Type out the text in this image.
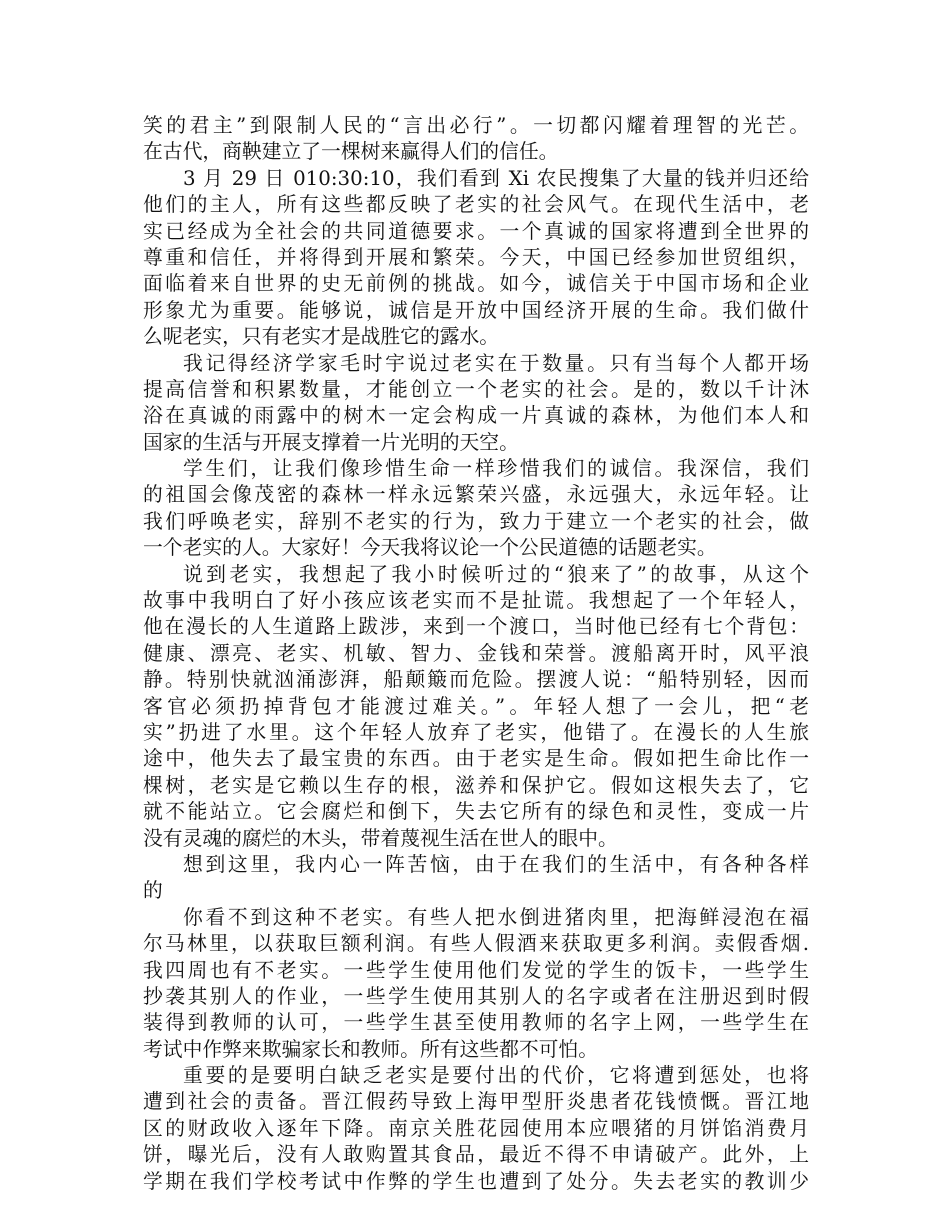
笑的君主”到限制人民的“言出必行”。一切都闪耀着理智的光芒。
在古代，商鞅建立了一棵树来赢得人们的信任。
3 月 29 日 010:30:10，我们看到 Xi 农民搜集了大量的钱并归还给
他们的主人，所有这些都反映了老实的社会风气。在现代生活中，老
实已经成为全社会的共同道德要求。一个真诚的国家将遭到全世界的
尊重和信任，并将得到开展和繁荣。今天，中国已经参加世贸组织，
面临着来自世界的史无前例的挑战。如今，诚信关于中国市场和企业
形象尤为重要。能够说，诚信是开放中国经济开展的生命。我们做什
么呢老实，只有老实才是战胜它的露水。
我记得经济学家毛时宇说过老实在于数量。只有当每个人都开场
提高信誉和积累数量，才能创立一个老实的社会。是的，数以千计沐
浴在真诚的雨露中的树木一定会构成一片真诚的森林，为他们本人和
国家的生活与开展支撑着一片光明的天空。
学生们，让我们像珍惜生命一样珍惜我们的诚信。我深信，我们
的祖国会像茂密的森林一样永远繁荣兴盛，永远强大，永远年轻。让
我们呼唤老实，辞别不老实的行为，致力于建立一个老实的社会，做
一个老实的人。大家好！今天我将议论一个公民道德的话题老实。
说到老实，我想起了我小时候听过的“狼来了”的故事，从这个
故事中我明白了好小孩应该老实而不是扯谎。我想起了一个年轻人，
他在漫长的人生道路上跋涉，来到一个渡口，当时他已经有七个背包：
健康、漂亮、老实、机敏、智力、金钱和荣誉。渡船离开时，风平浪
静。特别快就汹涌澎湃，船颠簸而危险。摆渡人说：“船特别轻，因而
客官必须扔掉背包才能渡过难关。”。年轻人想了一会儿，把“老
实”扔进了水里。这个年轻人放弃了老实，他错了。在漫长的人生旅
途中，他失去了最宝贵的东西。由于老实是生命。假如把生命比作一
棵树，老实是它赖以生存的根，滋养和保护它。假如这根失去了，它
就不能站立。它会腐烂和倒下，失去它所有的绿色和灵性，变成一片
没有灵魂的腐烂的木头，带着蔑视生活在世人的眼中。
想到这里，我内心一阵苦恼，由于在我们的生活中，有各种各样
的
你看不到这种不老实。有些人把水倒进猪肉里，把海鲜浸泡在福
尔马林里，以获取巨额利润。有些人假酒来获取更多利润。卖假香烟.
我四周也有不老实。一些学生使用他们发觉的学生的饭卡，一些学生
抄袭其别人的作业，一些学生使用其别人的名字或者在注册迟到时假
装得到教师的认可，一些学生甚至使用教师的名字上网，一些学生在
考试中作弊来欺骗家长和教师。所有这些都不可怕。
重要的是要明白缺乏老实是要付出的代价，它将遭到惩处，也将
遭到社会的责备。晋江假药导致上海甲型肝炎患者花钱愤慨。晋江地
区的财政收入逐年下降。南京关胜花园使用本应喂猪的月饼馅消费月
饼，曝光后，没有人敢购置其食品，最近不得不申请破产。此外，上
学期在我们学校考试中作弊的学生也遭到了处分。失去老实的教训少
